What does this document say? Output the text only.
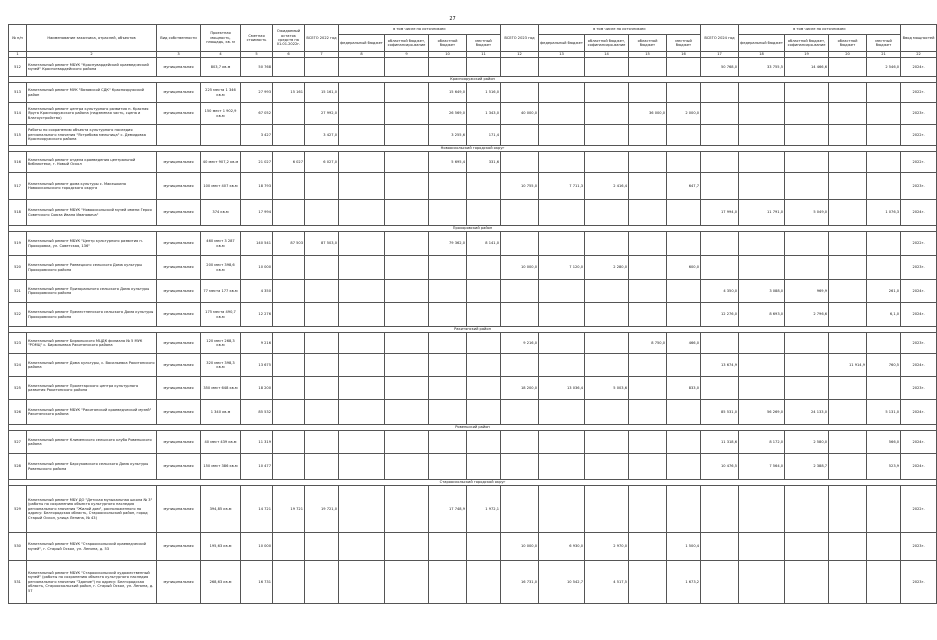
27
№ п/п	Наименование заказчика, отраслей, объектов	Вид собственности	Проектная мощность, площадь, кв. м	Сметная стоимость	Ожидаемый остаток средств на 01.01.2022г.	ВСЕГО 2022 год	в том числе по источникам:				ВСЕГО 2023 год	в том числе по источникам:				ВСЕГО 2024 год	в том числе по источникам:				Ввод мощностей
							федеральный бюджет	областной бюджет, софинансиро-вание	областной бюджет	местный бюджет		федеральный бюджет	областной бюджет, софинансиро-вание	областной бюджет	местный бюджет		федеральный бюджет	областной бюджет, софинансиро-вание	областной бюджет	местный бюджет	
1	2	3	4	5	6	7	8	9	10	11	12	13	14	15	16	17	18	19	20	21	22
512	Капитальный ремонт МБУК "Краснувардейский краеведческий музей" Красногвардейского района	муниципальная	803,7 кв.м	50 768												50 768,0	33 755,5	14 466,6		2 546,0	2024г.
Краснояружский район																					
513	Капитальный ремонт МУК "Вязовской СДК" Краснояружский район	муниципальная	225 места 1 346 кв.м	27 993	15 161	15 161,0			15 649,0	1 516,0											2022г.
514	Капитальный ремонт центра культурного развития п. Красная Яруга Краснояружского района (надземная часть, сцена и благоустройство)	муниципальная	150 мест 1 902,9 кв.м	67 052		27 992,0			26 569,0	1 343,0	40 000,0			36 000,0	2 000,0						2023г.
515	Работы по сохранению объекта культурного наследия регионального значения "Ястребова мельница" с. Демидовка Краснояружского района			3 427		3 427,0			3 255,6	171,4											2022г.
Новооскольский городской округ																					
516	Капитальный ремонт отдела краеведения центральной библиотеки, г. Новый Оскол	муниципальная	40 мест 907,2 кв.м	21 027	6 027	6 027,0			5 695,4	331,6											2022г.
517	Капитальный ремонт дома культуры с. Макешкино Новооскольского городского округа	муниципальная	100 мест 407 кв.м	18 793							10 755,0	7 711,3	2 416,4		647,7						2023г.
518	Капитальный ремонт МБУК "Новооскольский музей имени Героя Советского Союза Ивана Ивановича"	муниципальная	374 кв.м	17 994												17 994,0	11 791,0	5 049,0		1 076,3	2024г.
Прохоровский район																					
519	Капитальный ремонт МБУК "Центр культурного развития п. Прохоровка, ул. Советская, 136"	муниципальная	460 мест 3 287 кв.м	140 541	87 503	87 503,0			79 362,0	8 141,0											2022г.
520	Капитальный ремонт Раевецкого сельского Дома культуры Прохоровского района	муниципальная	200 мест 398,6 кв.м	10 000							10 000,0	7 120,0	2 280,0		600,0						2023г.
521	Капитальный ремонт Призорального сельского Дома культуры Прохоровского района	муниципальная	77 места 177 кв.м	4 350												4 350,0	3 088,0	969,9		261,0	2024г.
522	Капитальный ремонт Прелестненского сельского Дома культуры Прохоровского района	муниципальная	175 места 490,7 кв.м	12 276												12 276,0	8 693,0	2 796,6		6,1,0	2024г.
Ракитянский район																					
523	Капитальный ремонт Бирюльского МЦДК филиала № 5 МУК "РОМЦ" с. Бирюльевка Ракитянского района	муниципальная	120 мест 268,3 кв.м	9 216							9 216,0			8 750,0	466,0						2023г.
524	Капитальный ремонт Дома культуры, с. Васильевка Ракитянского района	муниципальная	320 мест 398,3 кв.м	13 675												13 674,9			11 914,9	760,5	2024г.
525	Капитальный ремонт Пролетарского центра культурного развития Ракитянского района	муниципальная	350 мест 648 кв.м	18 200							18 200,0	13 036,4	5 003,6		833,0						2023г.
526	Капитальный ремонт МБУК "Ракитянский краеведческий музей" Ракитянского района	муниципальная	1 340 кв.м	85 532												85 531,0	56 269,0	24 133,0		5 131,0	2024г.
Ровеньский район																					
527	Капитальный ремонт Клименского сельского клуба Ровеньского района	муниципальная	40 мест 439 кв.м	11 319												11 318,6	8 172,0	2 580,0		566,0	2024г.
528	Капитальный ремонт Барсуковского сельского Дома культуры Ровеньского района	муниципальная	150 мест 386 кв.м	10 477												10 476,5	7 564,0	2 388,7		523,9	2024г.
Старооскольский городской округ																					
529	Капитальный ремонт МБУ ДО "Детская музыкальная школа № 3" (работы по сохранению объекта культурного наследия регионального значения "Жилой дом", расположенного по адресу: Белгородская область, Старооскольский район, город Старый Оскол, улица Ленина, № 43)	муниципальная	394,85 кв.м	14 721	19 721	19 721,0			17 748,9	1 972,1											2022г.
530	Капитальный ремонт МБУК "Старооскольский краеведческий музей", г. Старый Оскол, ул. Ленина, д. 53	муниципальная	195,63 кв.м	10 000							10 000,0	6 930,0	2 970,0		1 500,4						2023г.
531	Капитальный ремонт МБУК "Старооскольский художественный музей" (работы по сохранению объекта культурного наследия регионального значения "Здание") по адресу: Белгородская область, Старооскольский район, г. Старый Оскол, ул. Ленина, д. 57	муниципальная	268,63 кв.м	16 731							16 731,0	10 542,7	4 517,5		1 673,2						2023г.
